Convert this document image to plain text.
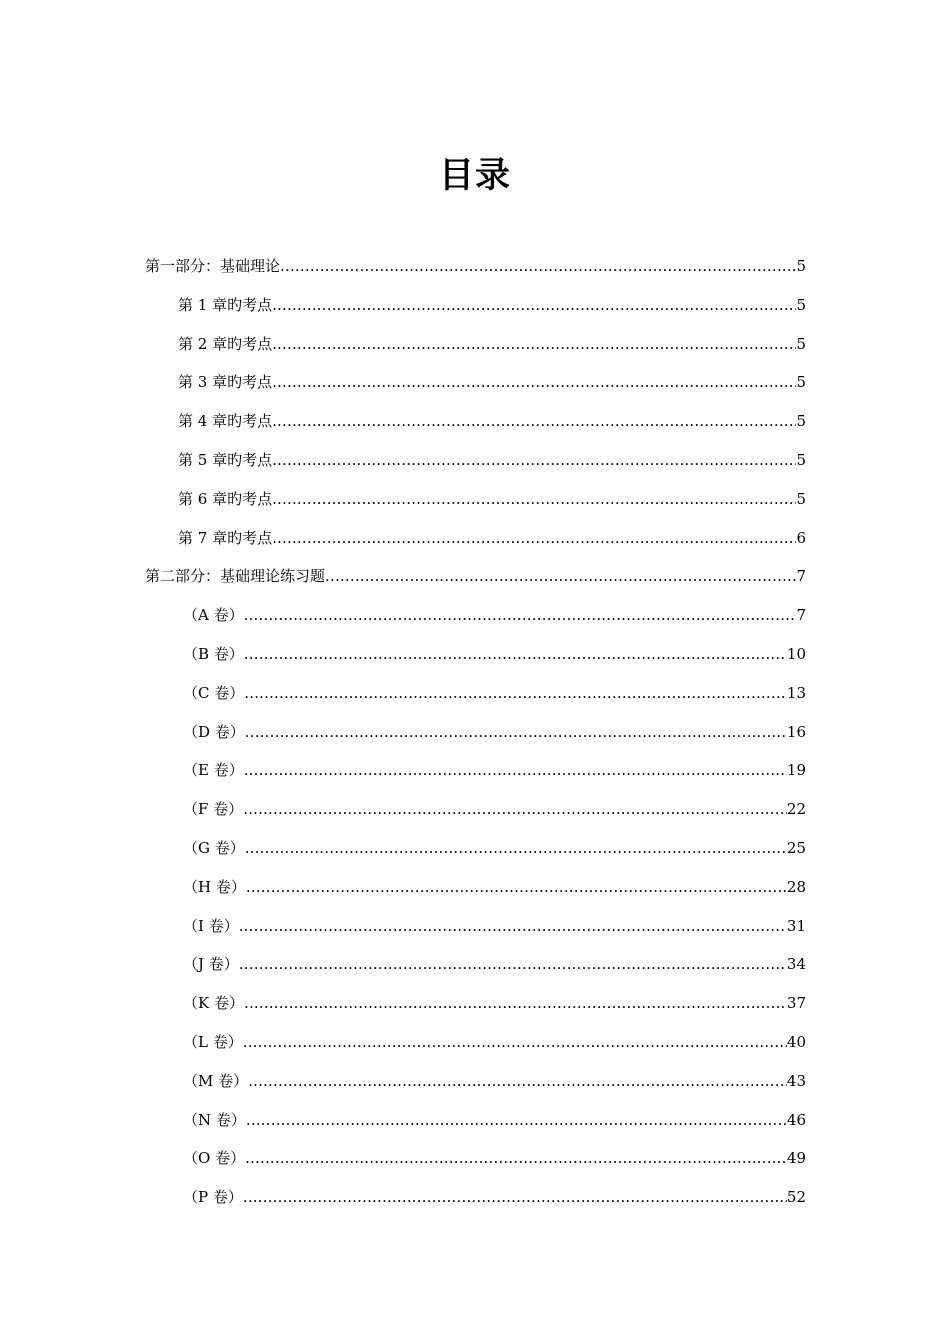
目录
第一部分：基础理论 .....	5
第 1 章旳考点 .....	5
第 2 章旳考点 .....	5
第 3 章旳考点 .....	5
第 4 章旳考点 .....	5
第 5 章旳考点 .....	5
第 6 章旳考点 .....	5
第 7 章旳考点 .....	6
第二部分：基础理论练习题 .....	7
（A 卷） .....	7
（B 卷） .....	10
（C 卷） .....	13
（D 卷） .....	16
（E 卷） .....	19
（F 卷） .....	22
（G 卷） .....	25
（H 卷） .....	28
（I 卷） .....	31
（J 卷） .....	34
（K 卷） .....	37
（L 卷） .....	40
（M 卷） .....	43
（N 卷） .....	46
（O 卷） .....	49
（P 卷） .....	52
